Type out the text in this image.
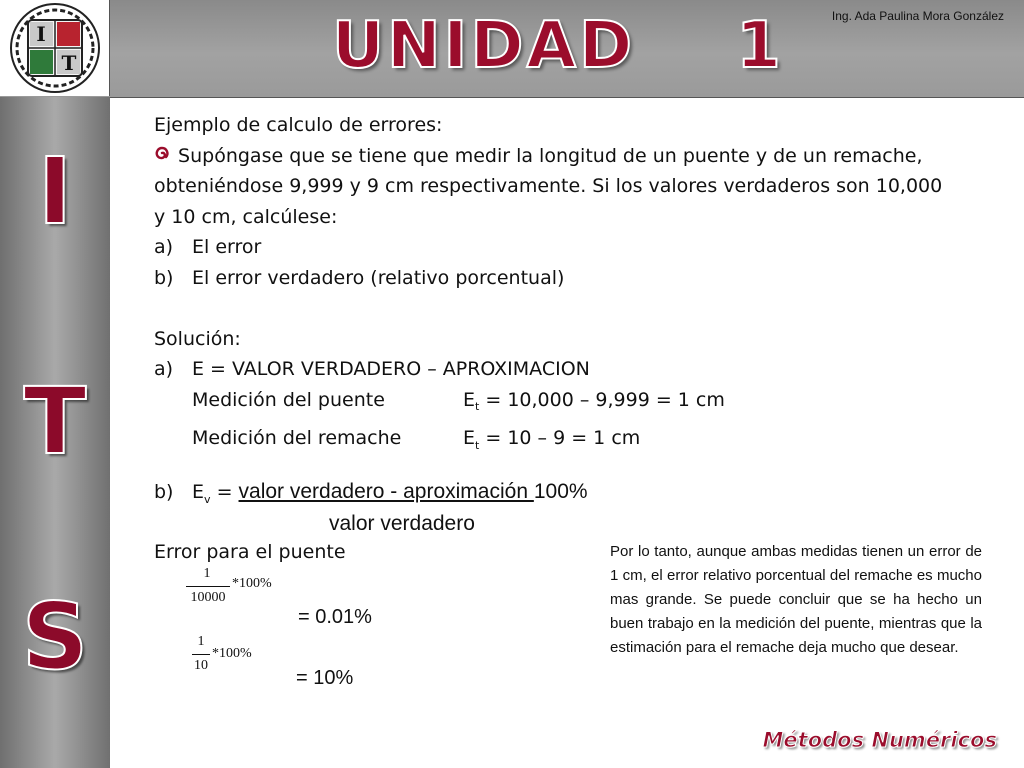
I
T	UNIDAD    1	Ing. Ada Paulina Mora González
I
T
S
Ejemplo de calculo de errores:
Supóngase que se tiene que medir la longitud de un puente y de un remache,
obteniéndose 9,999 y 9 cm respectivamente. Si los valores verdaderos son 10,000
y 10 cm, calcúlese:
a) El error
b) El error verdadero (relativo porcentual)
Solución:
a) E = VALOR VERDADERO – APROXIMACION
Medición del puente	$E_t = 10,000 - 9,999 = 1$ cm
Medición del remache	$E_t = 10 - 9 = 1$ cm
b) $E_v$ = valor verdadero - aproximación 100%
valor verdadero
Error para el puente
1
10000
*100%
= 0.01%
1
10
*100%
= 10%
Por lo tanto, aunque ambas medidas tienen un error de 1 cm, el error relativo porcentual del remache es mucho mas grande. Se puede concluir que se ha hecho un buen trabajo en la medición del puente, mientras que la estimación para el remache deja mucho que desear.
Métodos Numéricos
